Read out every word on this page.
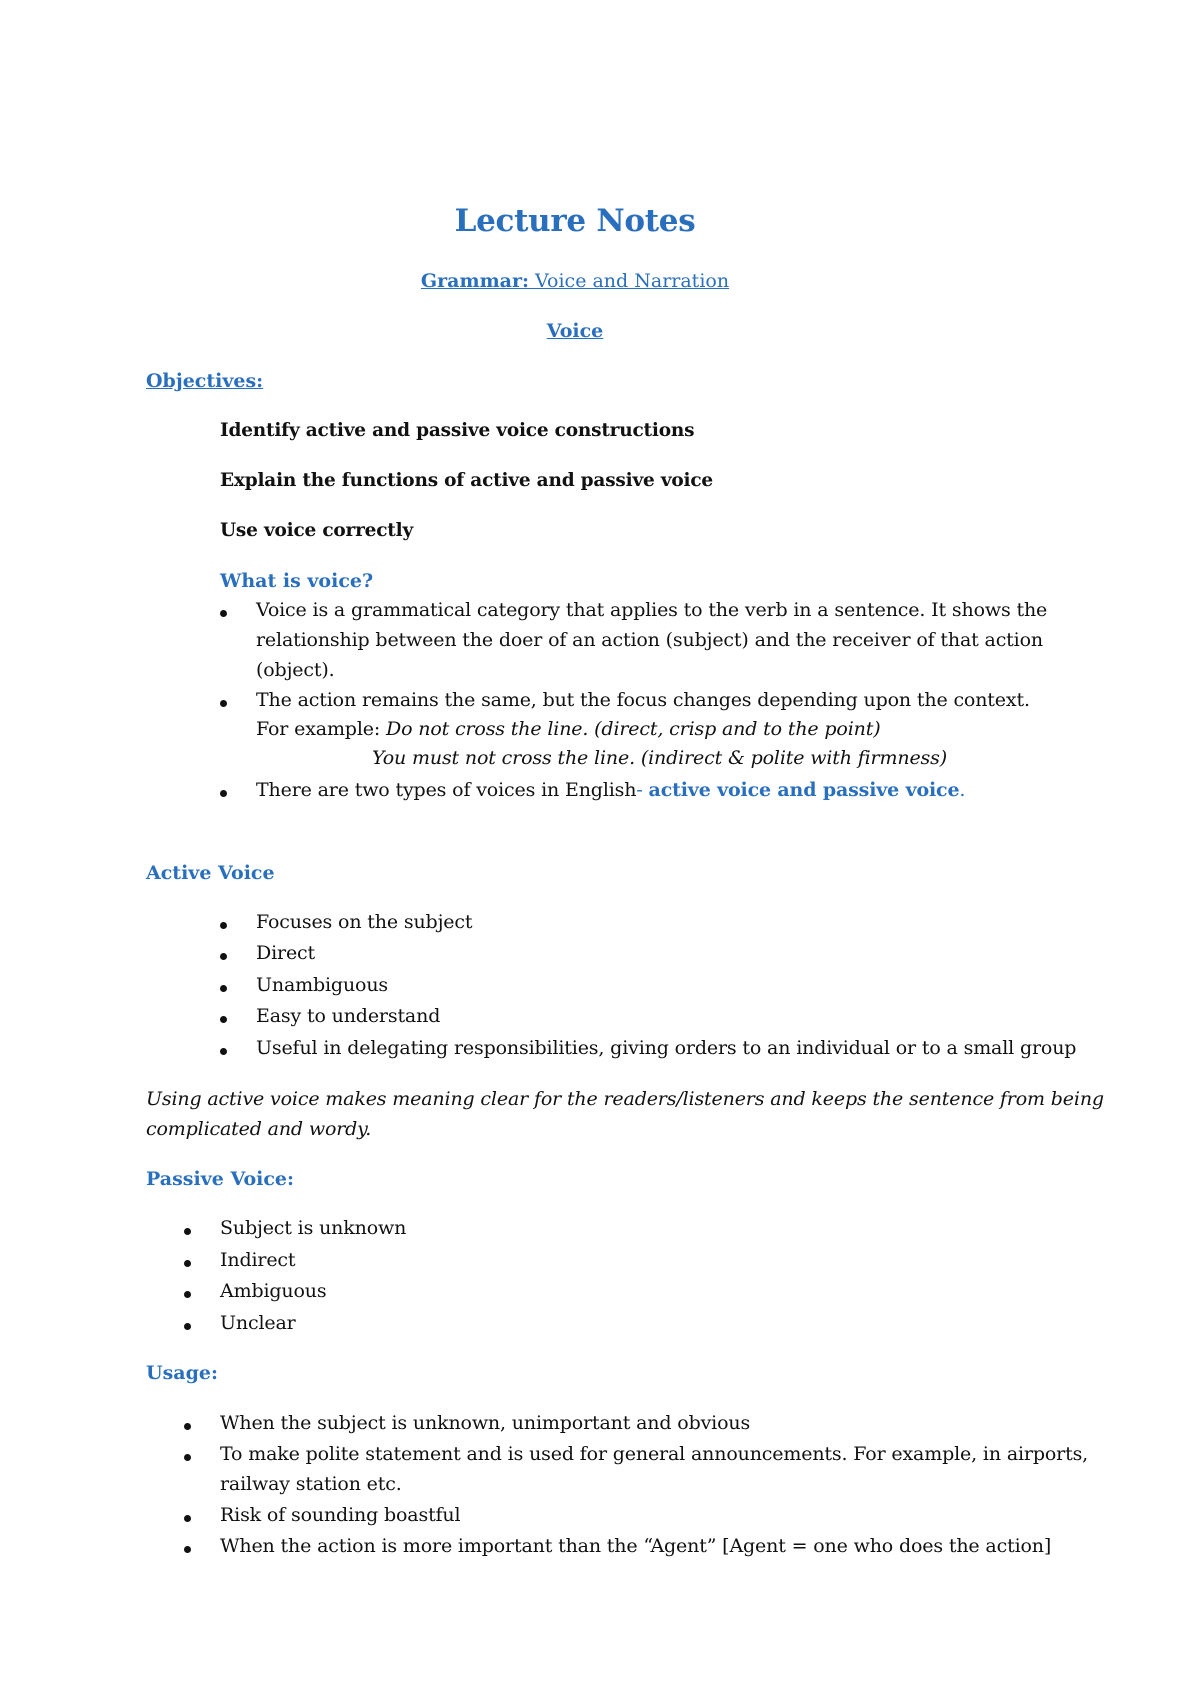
Lecture Notes
Grammar: Voice and Narration
Voice
Objectives:
Identify active and passive voice constructions
Explain the functions of active and passive voice
Use voice correctly
What is voice?
Voice is a grammatical category that applies to the verb in a sentence. It shows the
relationship between the doer of an action (subject) and the receiver of that action
(object).
The action remains the same, but the focus changes depending upon the context.
For example: Do not cross the line. (direct, crisp and to the point)
You must not cross the line. (indirect & polite with firmness)
There are two types of voices in English- active voice and passive voice.
Active Voice
Focuses on the subject
Direct
Unambiguous
Easy to understand
Useful in delegating responsibilities, giving orders to an individual or to a small group
Using active voice makes meaning clear for the readers/listeners and keeps the sentence from being
complicated and wordy.
Passive Voice:
Subject is unknown
Indirect
Ambiguous
Unclear
Usage:
When the subject is unknown, unimportant and obvious
To make polite statement and is used for general announcements. For example, in airports,
railway station etc.
Risk of sounding boastful
When the action is more important than the “Agent” [Agent = one who does the action]
